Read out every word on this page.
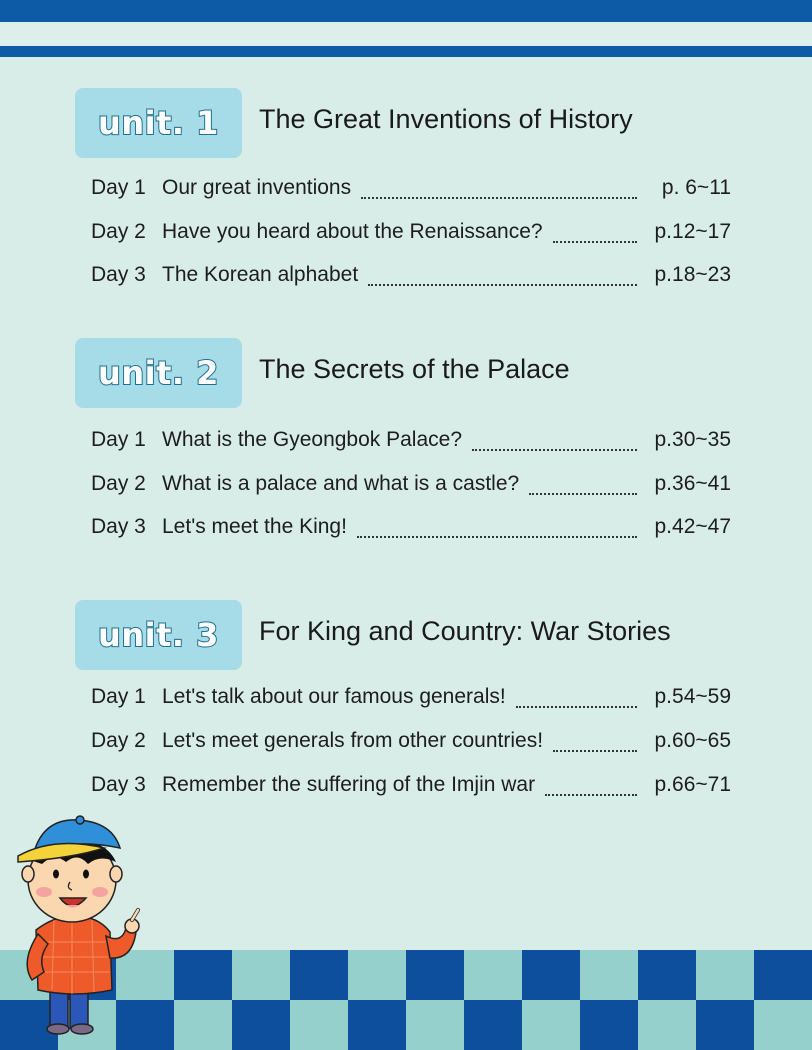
unit. 1 The Great Inventions of History
Day 1 Our great inventions	p. 6~11
Day 2 Have you heard about the Renaissance?	p.12~17
Day 3 The Korean alphabet	p.18~23
unit. 2 The Secrets of the Palace
Day 1 What is the Gyeongbok Palace?	p.30~35
Day 2 What is a palace and what is a castle?	p.36~41
Day 3 Let's meet the King!	p.42~47
unit. 3 For King and Country: War Stories
Day 1 Let's talk about our famous generals!	p.54~59
Day 2 Let's meet generals from other countries!	p.60~65
Day 3 Remember the suffering of the Imjin war	p.66~71
